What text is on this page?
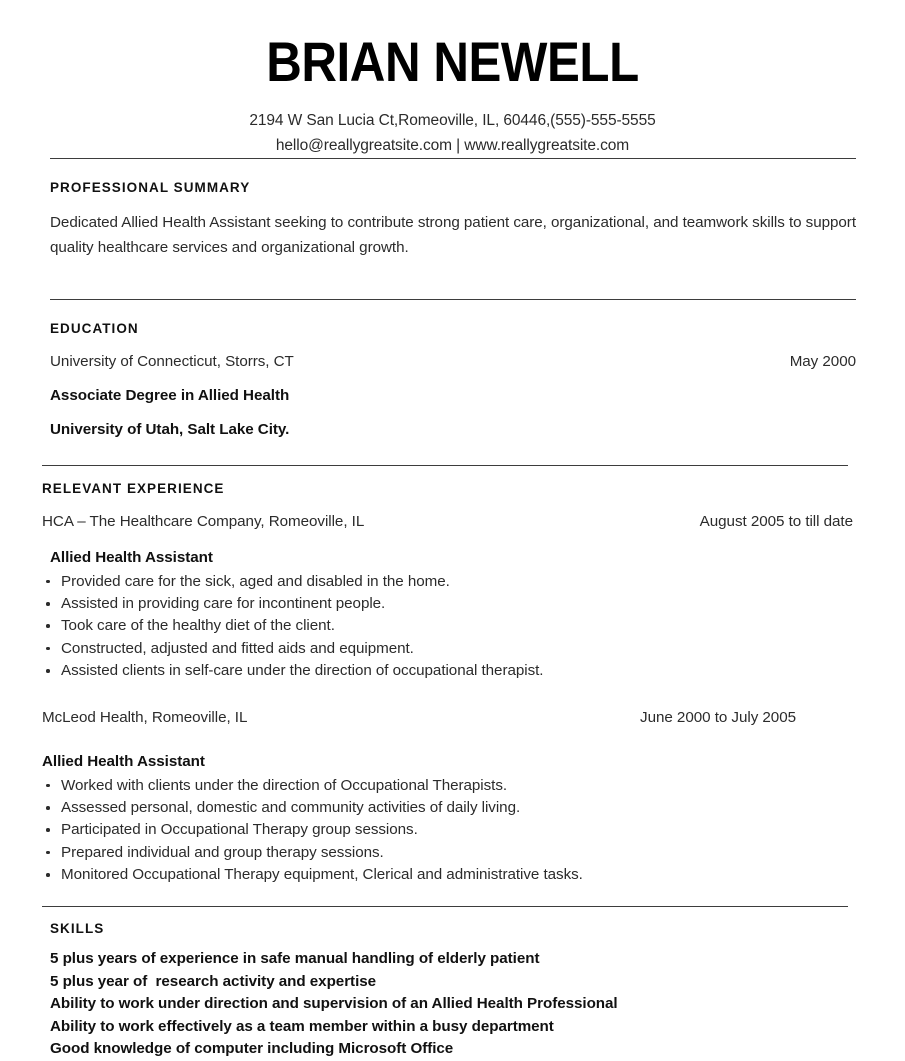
BRIAN NEWELL
2194 W San Lucia Ct,Romeoville, IL, 60446,(555)-555-5555
hello@reallygreatsite.com | www.reallygreatsite.com
PROFESSIONAL SUMMARY
Dedicated Allied Health Assistant seeking to contribute strong patient care, organizational, and teamwork skills to support quality healthcare services and organizational growth.
EDUCATION
University of Connecticut, Storrs, CT	May 2000
Associate Degree in Allied Health
University of Utah, Salt Lake City.
RELEVANT EXPERIENCE
HCA – The Healthcare Company, Romeoville, IL	August 2005 to till date
Allied Health Assistant
Provided care for the sick, aged and disabled in the home.
Assisted in providing care for incontinent people.
Took care of the healthy diet of the client.
Constructed, adjusted and fitted aids and equipment.
Assisted clients in self-care under the direction of occupational therapist.
McLeod Health, Romeoville, IL	June 2000 to July 2005
Allied Health Assistant
Worked with clients under the direction of Occupational Therapists.
Assessed personal, domestic and community activities of daily living.
Participated in Occupational Therapy group sessions.
Prepared individual and group therapy sessions.
Monitored Occupational Therapy equipment, Clerical and administrative tasks.
SKILLS
5 plus years of experience in safe manual handling of elderly patient
5 plus year of  research activity and expertise
Ability to work under direction and supervision of an Allied Health Professional
Ability to work effectively as a team member within a busy department
Good knowledge of computer including Microsoft Office
